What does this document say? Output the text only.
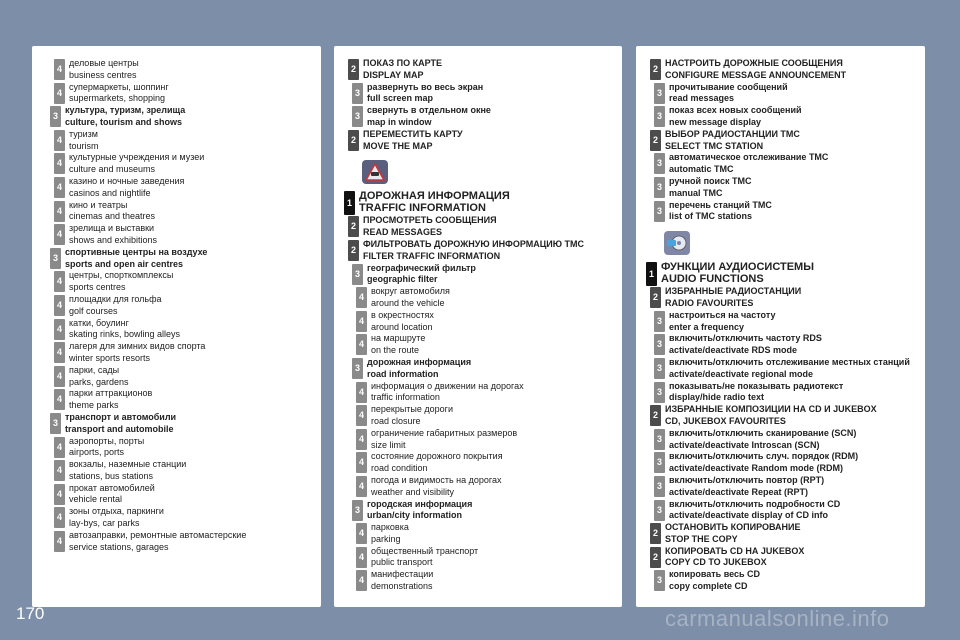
4
деловые центры
business centres
4
супермаркеты, шоппинг
supermarkets, shopping
3
культура, туризм, зрелища
culture, tourism and shows
4
туризм
tourism
4
культурные учреждения и музеи
culture and museums
4
казино и ночные заведения
casinos and nightlife
4
кино и театры
cinemas and theatres
4
зрелища и выставки
shows and exhibitions
3
спортивные центры на воздухе
sports and open air centres
4
центры, спорткомплексы
sports centres
4
площадки для гольфа
golf courses
4
катки, боулинг
skating rinks, bowling alleys
4
лагеря для зимних видов спорта
winter sports resorts
4
парки, сады
parks, gardens
4
парки аттракционов
theme parks
3
транспорт и автомобили
transport and automobile
4
аэропорты, порты
airports, ports
4
вокзалы, наземные станции
stations, bus stations
4
прокат автомобилей
vehicle rental
4
зоны отдыха, паркинги
lay-bys, car parks
4
автозаправки, ремонтные автомастерские
service stations, garages
2
ПОКАЗ ПО КАРТЕ
DISPLAY MAP
3
развернуть во весь экран
full screen map
3
свернуть в отдельном окне
map in window
2
ПЕРЕМЕСТИТЬ КАРТУ
MOVE THE MAP
1
ДОРОЖНАЯ ИНФОРМАЦИЯ
TRAFFIC INFORMATION
2
ПРОСМОТРЕТЬ СООБЩЕНИЯ
READ MESSAGES
2
ФИЛЬТРОВАТЬ ДОРОЖНУЮ ИНФОРМАЦИЮ TMC
FILTER TRAFFIC INFORMATION
3
географический фильтр
geographic filter
4
вокруг автомобиля
around the vehicle
4
в окрестностях
around location
4
на маршруте
on the route
3
дорожная информация
road information
4
информация о движении на дорогах
traffic information
4
перекрытые дороги
road closure
4
ограничение габаритных размеров
size limit
4
состояние дорожного покрытия
road condition
4
погода и видимость на дорогах
weather and visibility
3
городская информация
urban/city information
4
парковка
parking
4
общественный транспорт
public transport
4
манифестации
demonstrations
2
НАСТРОИТЬ ДОРОЖНЫЕ СООБЩЕНИЯ
CONFIGURE MESSAGE ANNOUNCEMENT
3
прочитывание сообщений
read messages
3
показ всех новых сообщений
new message display
2
ВЫБОР РАДИОСТАНЦИИ TMC
SELECT TMC STATION
3
автоматическое отслеживание TMC
automatic TMC
3
ручной поиск TMC
manual TMC
3
перечень станций TMC
list of TMC stations
1
ФУНКЦИИ АУДИОСИСТЕМЫ
AUDIO FUNCTIONS
2
ИЗБРАННЫЕ РАДИОСТАНЦИИ
RADIO FAVOURITES
3
настроиться на частоту
enter a frequency
3
включить/отключить частоту RDS
activate/deactivate RDS mode
3
включить/отключить отслеживание местных станций
activate/deactivate regional mode
3
показывать/не показывать радиотекст
display/hide radio text
2
ИЗБРАННЫЕ КОМПОЗИЦИИ НА CD И JUKEBOX
CD, JUKEBOX FAVOURITES
3
включить/отключить сканирование (SCN)
activate/deactivate Introscan (SCN)
3
включить/отключить случ. порядок (RDM)
activate/deactivate Random mode (RDM)
3
включить/отключить повтор (RPT)
activate/deactivate Repeat (RPT)
3
включить/отключить подробности CD
activate/deactivate display of CD info
2
ОСТАНОВИТЬ КОПИРОВАНИЕ
STOP THE COPY
2
КОПИРОВАТЬ CD НА JUKEBOX
COPY CD TO JUKEBOX
3
копировать весь CD
copy complete CD
170	carmanualsonline.info
